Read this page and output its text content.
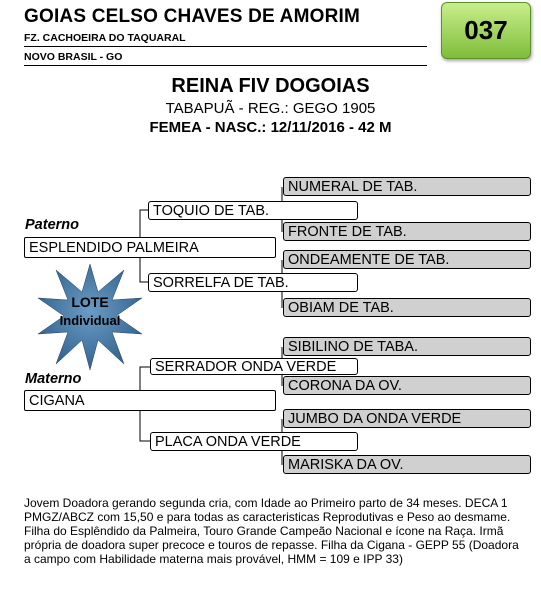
GOIAS CELSO CHAVES DE AMORIM
FZ. CACHOEIRA DO TAQUARAL
NOVO BRASIL - GO
037
REINA FIV DOGOIAS
TABAPUÃ - REG.: GEGO 1905
FEMEA - NASC.: 12/11/2016 - 42 M
LOTE
Individual
Paterno
Materno
ESPLENDIDO PALMEIRA
CIGANA
TOQUIO DE TAB.
SORRELFA DE TAB.
SERRADOR ONDA VERDE
PLACA ONDA VERDE
NUMERAL DE TAB.
FRONTE DE TAB.
ONDEAMENTE DE TAB.
OBIAM DE TAB.
SIBILINO DE TABA.
CORONA DA OV.
JUMBO DA ONDA VERDE
MARISKA DA OV.
Jovem Doadora gerando segunda cria, com Idade ao Primeiro parto de 34 meses. DECA 1 PMGZ/ABCZ com 15,50 e para todas as caracteristicas Reprodutivas e Peso ao desmame. Filha do Esplêndido da Palmeira, Touro Grande Campeão Nacional e ícone na Raça. Irmã própria de doadora super precoce e touros de repasse. Filha da Cigana - GEPP 55 (Doadora a campo com Habilidade materna mais provável, HMM = 109 e IPP 33)
